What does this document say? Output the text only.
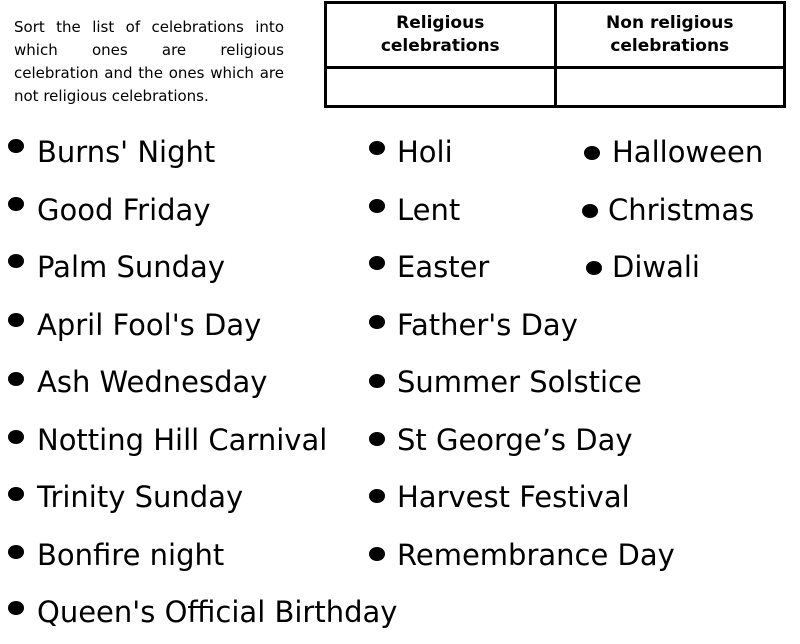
Sort the list of celebrations into which ones are religious celebration and the ones which are not religious celebrations.
Religious celebrations	Non religious celebrations

Burns' Night
Good Friday
Palm Sunday
April Fool's Day
Ash Wednesday
Notting Hill Carnival
Trinity Sunday
Bonfire night
Queen's Official Birthday
Holi
Lent
Easter
Father's Day
Summer Solstice
St George’s Day
Harvest Festival
Remembrance Day
Halloween
Christmas
Diwali
